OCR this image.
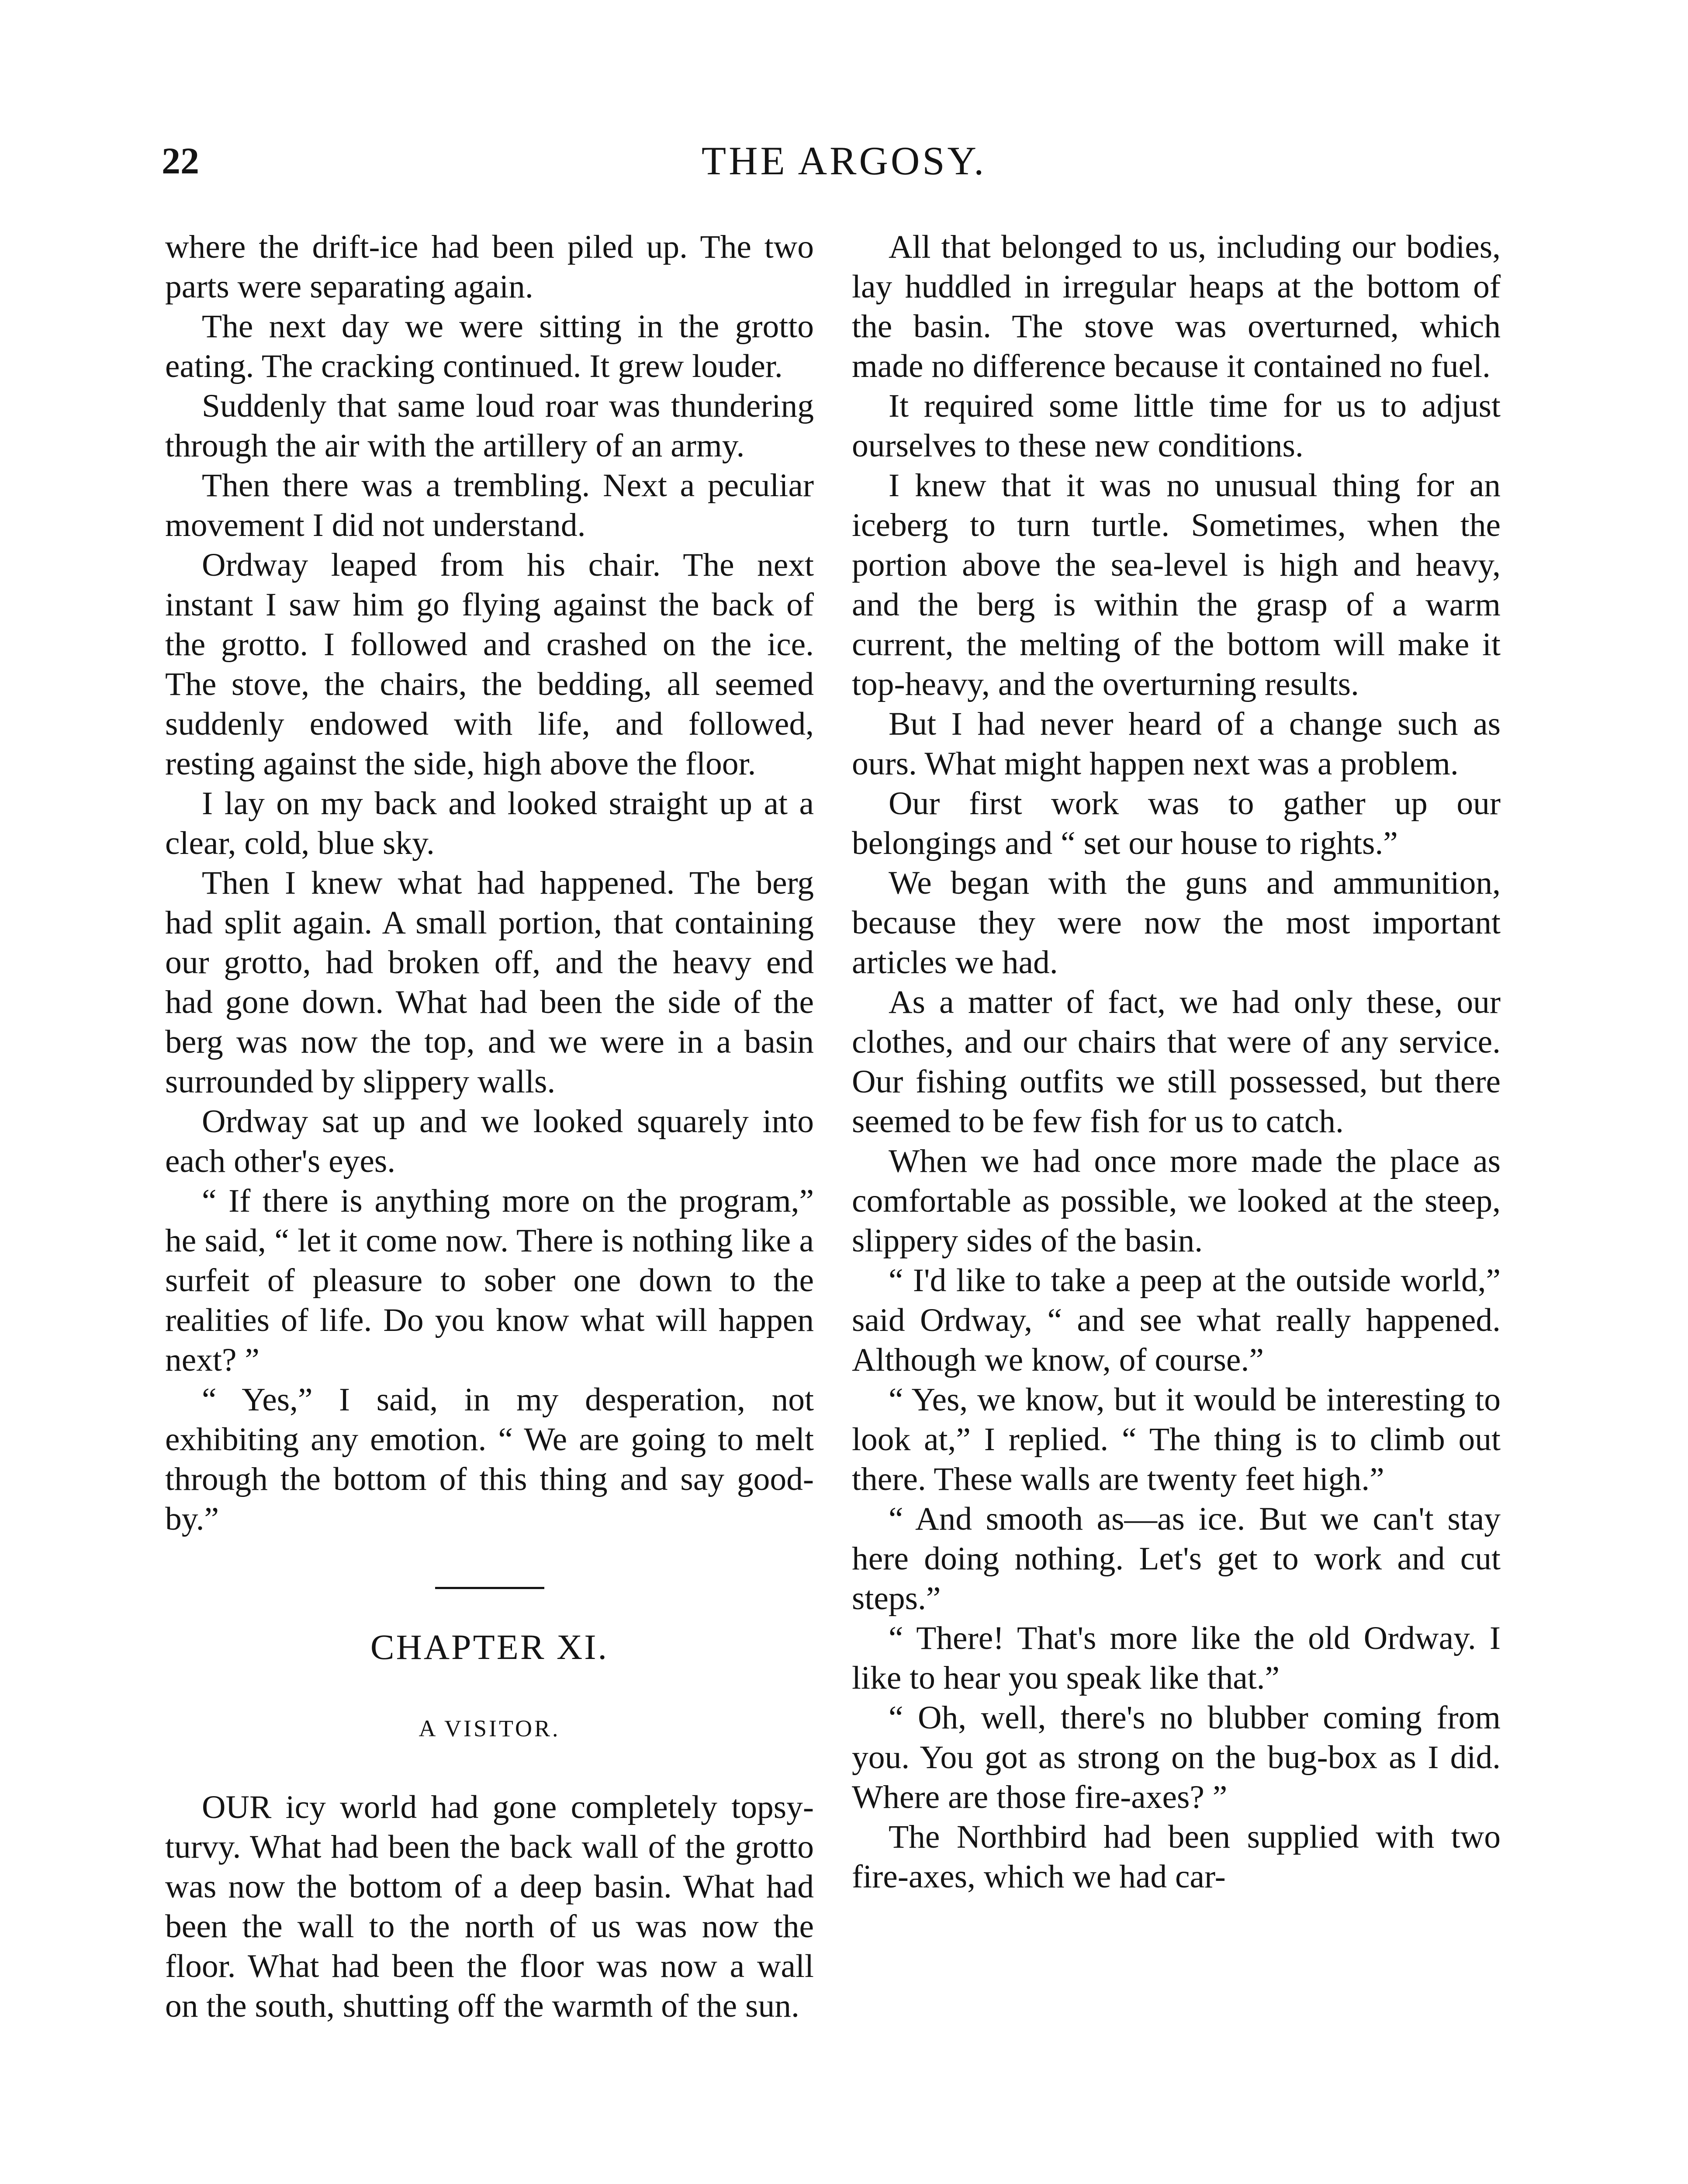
22	THE ARGOSY.

where the drift-ice had been piled up. The two parts were separating again.

The next day we were sitting in the grotto eating. The cracking continued. It grew louder.

Suddenly that same loud roar was thundering through the air with the artillery of an army.

Then there was a trembling. Next a peculiar movement I did not understand.

Ordway leaped from his chair. The next instant I saw him go flying against the back of the grotto. I followed and crashed on the ice. The stove, the chairs, the bedding, all seemed suddenly endowed with life, and followed, resting against the side, high above the floor.

I lay on my back and looked straight up at a clear, cold, blue sky.

Then I knew what had happened. The berg had split again. A small portion, that containing our grotto, had broken off, and the heavy end had gone down. What had been the side of the berg was now the top, and we were in a basin surrounded by slippery walls.

Ordway sat up and we looked squarely into each other's eyes.

“ If there is anything more on the program,” he said, “ let it come now. There is nothing like a surfeit of pleasure to sober one down to the realities of life. Do you know what will happen next? ”

“ Yes,” I said, in my desperation, not exhibiting any emotion. “ We are going to melt through the bottom of this thing and say good-by.”

CHAPTER XI.
A VISITOR.

OUR icy world had gone completely topsy-turvy. What had been the back wall of the grotto was now the bottom of a deep basin. What had been the wall to the north of us was now the floor. What had been the floor was now a wall on the south, shutting off the warmth of the sun.

All that belonged to us, including our bodies, lay huddled in irregular heaps at the bottom of the basin. The stove was overturned, which made no difference because it contained no fuel.

It required some little time for us to adjust ourselves to these new conditions.

I knew that it was no unusual thing for an iceberg to turn turtle. Sometimes, when the portion above the sea-level is high and heavy, and the berg is within the grasp of a warm current, the melting of the bottom will make it top-heavy, and the overturning results.

But I had never heard of a change such as ours. What might happen next was a problem.

Our first work was to gather up our belongings and “ set our house to rights.”

We began with the guns and ammunition, because they were now the most important articles we had.

As a matter of fact, we had only these, our clothes, and our chairs that were of any service. Our fishing outfits we still possessed, but there seemed to be few fish for us to catch.

When we had once more made the place as comfortable as possible, we looked at the steep, slippery sides of the basin.

“ I'd like to take a peep at the outside world,” said Ordway, “ and see what really happened. Although we know, of course.”

“ Yes, we know, but it would be interesting to look at,” I replied. “ The thing is to climb out there. These walls are twenty feet high.”

“ And smooth as—as ice. But we can't stay here doing nothing. Let's get to work and cut steps.”

“ There! That's more like the old Ordway. I like to hear you speak like that.”

“ Oh, well, there's no blubber coming from you. You got as strong on the bug-box as I did. Where are those fire-axes? ”

The Northbird had been supplied with two fire-axes, which we had car-
